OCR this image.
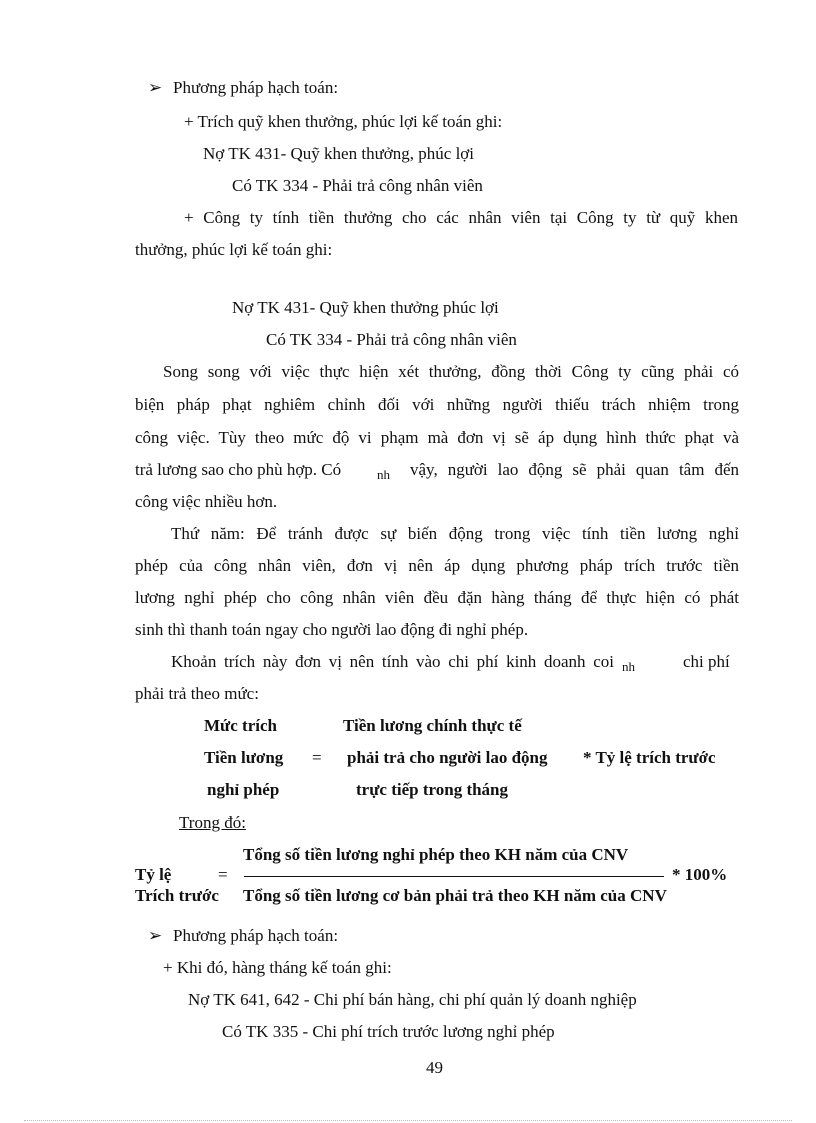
➢ Phương pháp hạch toán:
+ Trích quỹ khen thưởng, phúc lợi kế toán ghi:
Nợ TK 431- Quỹ khen thưởng, phúc lợi
Có TK 334 - Phải trả công nhân viên
+ Công ty tính tiền thưởng cho các nhân viên tại Công ty từ quỹ khen
thưởng, phúc lợi kế toán ghi:
Nợ TK 431- Quỹ khen thưởng phúc lợi
Có TK 334 - Phải trả công nhân viên
Song song với việc thực hiện xét thưởng, đồng thời Công ty cũng phải có
biện pháp phạt nghiêm chỉnh đối với những người thiếu trách nhiệm trong
công việc. Tùy theo mức độ vi phạm mà đơn vị sẽ áp dụng hình thức phạt và
trả lương sao cho phù hợp. Có	nh vậy, người lao động sẽ phải quan tâm đến
công việc nhiều hơn.
Thứ năm: Để tránh được sự biến động trong việc tính tiền lương nghỉ
phép của công nhân viên, đơn vị nên áp dụng phương pháp trích trước tiền
lương nghỉ phép cho công nhân viên đều đặn hàng tháng để thực hiện có phát
sinh thì thanh toán ngay cho người lao động đi nghỉ phép.
Khoản trích này đơn vị nên tính vào chi phí kinh doanh coi nh	chi phí
phải trả theo mức:
Mức trích
Tiền lương
nghỉ phép
=
Tiền lương chính thực tế
phải trả cho người lao động
trực tiếp trong tháng
* Tỷ lệ trích trước
Trong đó:
Tổng số tiền lương nghỉ phép theo KH năm của CNV
Tỷ lệ	=	* 100%
Trích trước Tổng số tiền lương cơ bản phải trả theo KH năm của CNV
➢ Phương pháp hạch toán:
+ Khi đó, hàng tháng kế toán ghi:
Nợ TK 641, 642 - Chi phí bán hàng, chi phí quản lý doanh nghiệp
Có TK 335 - Chi phí trích trước lương nghỉ phép
49
